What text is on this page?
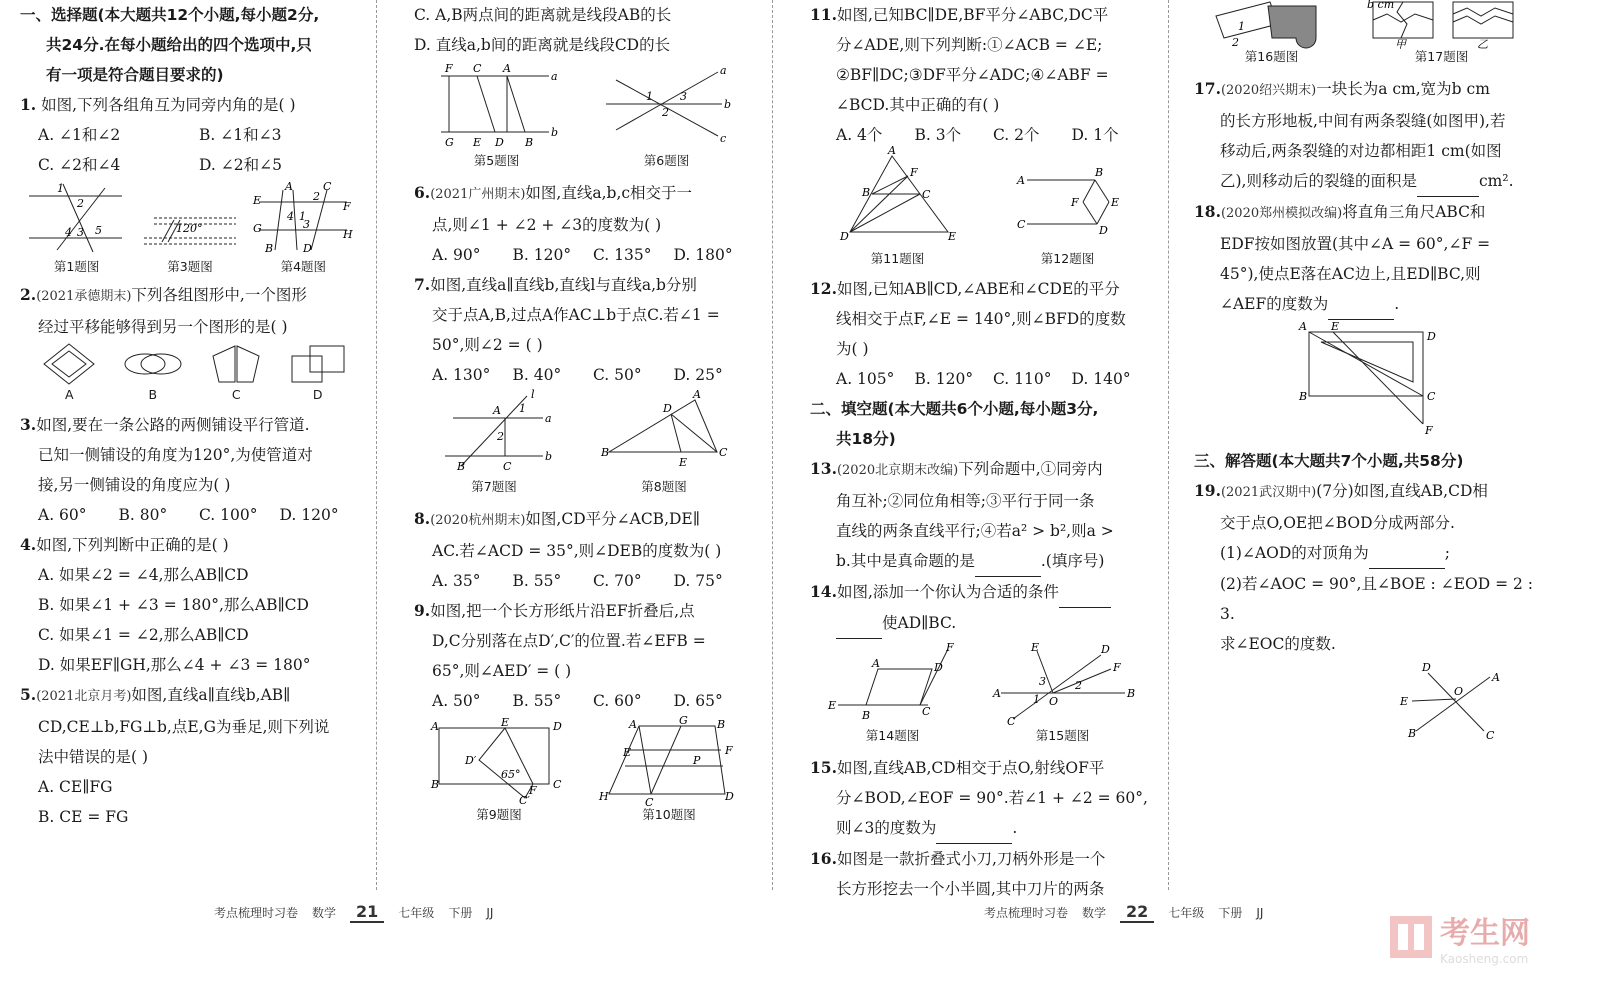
一、选择题(本大题共12个小题,每小题2分,
共24分.在每小题给出的四个选项中,只
有一项是符合题目要求的)
1. 如图,下列各组角互为同旁内角的是( )
A. ∠1和∠2	B. ∠1和∠3
C. ∠2和∠4	D. ∠2和∠5
1
2
4 3 5
第1题图
120°
第3题图
A	C
2
E
G
F
H
4 1
3
B	D
第4题图
2.(2021承德期末)下列各组图形中,一个图形
经过平移能够得到另一个图形的是( )
A	B	C	D
3.如图,要在一条公路的两侧铺设平行管道.
已知一侧铺设的角度为120°,为使管道对
接,另一侧铺设的角度应为( )
A. 60°	B. 80°	C. 100°	D. 120°
4.如图,下列判断中正确的是( )
A. 如果∠2 = ∠4,那么AB∥CD
B. 如果∠1 + ∠3 = 180°,那么AB∥CD
C. 如果∠1 = ∠2,那么AB∥CD
D. 如果EF∥GH,那么∠4 + ∠3 = 180°
5.(2021北京月考)如图,直线a∥直线b,AB∥
CD,CE⊥b,FG⊥b,点E,G为垂足,则下列说
法中错误的是( )
A. CE∥FG
B. CE = FG
C. A,B两点间的距离就是线段AB的长
D. 直线a,b间的距离就是线段CD的长
F C A
a
G E D B
b
第5题图
a
b
c
1
2
3
第6题图
6.(2021广州期末)如图,直线a,b,c相交于一
点,则∠1 + ∠2 + ∠3的度数为( )
A. 90°	B. 120°	C. 135°	D. 180°
7.如图,直线a∥直线b,直线l与直线a,b分别
交于点A,B,过点A作AC⊥b于点C.若∠1 =
50°,则∠2 = ( )
A. 130°	B. 40°	C. 50°	D. 25°
A 1
l
a
2
B	C
b
第7题图
B	C
A
D
E
第8题图
8.(2020杭州期末)如图,CD平分∠ACB,DE∥
AC.若∠ACD = 35°,则∠DEB的度数为( )
A. 35°	B. 55°	C. 70°	D. 75°
9.如图,把一个长方形纸片沿EF折叠后,点
D,C分别落在点D′,C′的位置.若∠EFB =
65°,则∠AED′ = ( )
A. 50°	B. 55°	C. 60°	D. 65°
A	E	D
D′
B	F C
C′
65°
第9题图
A	G	B
E
P
F
H	C	D
第10题图
11.如图,已知BC∥DE,BF平分∠ABC,DC平
分∠ADE,则下列判断:①∠ACB = ∠E;
②BF∥DC;③DF平分∠ADC;④∠ABF =
∠BCD.其中正确的有( )
A. 4个	B. 3个	C. 2个	D. 1个
A
F
B	C
D	E
第11题图
A
B
F	E
C	D
第12题图
12.如图,已知AB∥CD,∠ABE和∠CDE的平分
线相交于点F,∠E = 140°,则∠BFD的度数
为( )
A. 105°	B. 120°	C. 110°	D. 140°
二、填空题(本大题共6个小题,每小题3分,
共18分)
13.(2020北京期末改编)下列命题中,①同旁内
角互补;②同位角相等;③平行于同一条
直线的两条直线平行;④若a² > b²,则a >
b.其中是真命题的是	.(填序号)
14.如图,添加一个你认为合适的条件
使AD∥BC.
A	D
F
E
B	C
第14题图
A	B
D
F
E
C
O
3	2
1
第15题图
15.如图,直线AB,CD相交于点O,射线OF平
分∠BOD,∠EOF = 90°.若∠1 + ∠2 = 60°,
则∠3的度数为	.
16.如图是一款折叠式小刀,刀柄外形是一个
长方形挖去一个小半圆,其中刀片的两条
2
1
第16题图
b cm
甲	乙
第17题图
17.(2020绍兴期末)一块长为a cm,宽为b cm
的长方形地板,中间有两条裂缝(如图甲),若
移动后,两条裂缝的对边都相距1 cm(如图
乙),则移动后的裂缝的面积是	cm².
18.(2020郑州模拟改编)将直角三角尺ABC和
EDF按如图放置(其中∠A = 60°,∠F =
45°),使点E落在AC边上,且ED∥BC,则
∠AEF的度数为	.
A E
D
B	C
F
三、解答题(本大题共7个小题,共58分)
19.(2021武汉期中)(7分)如图,直线AB,CD相
交于点O,OE把∠BOD分成两部分.
(1)∠AOD的对顶角为	;
(2)若∠AOC = 90°,且∠BOE : ∠EOD = 2 : 3.
求∠EOC的度数.
D
A
E
O
B	C
考点梳理时习卷 数学	21	七年级 下册 JJ	考点梳理时习卷 数学	22	七年级 下册 JJ
考生网
Kaosheng.com
